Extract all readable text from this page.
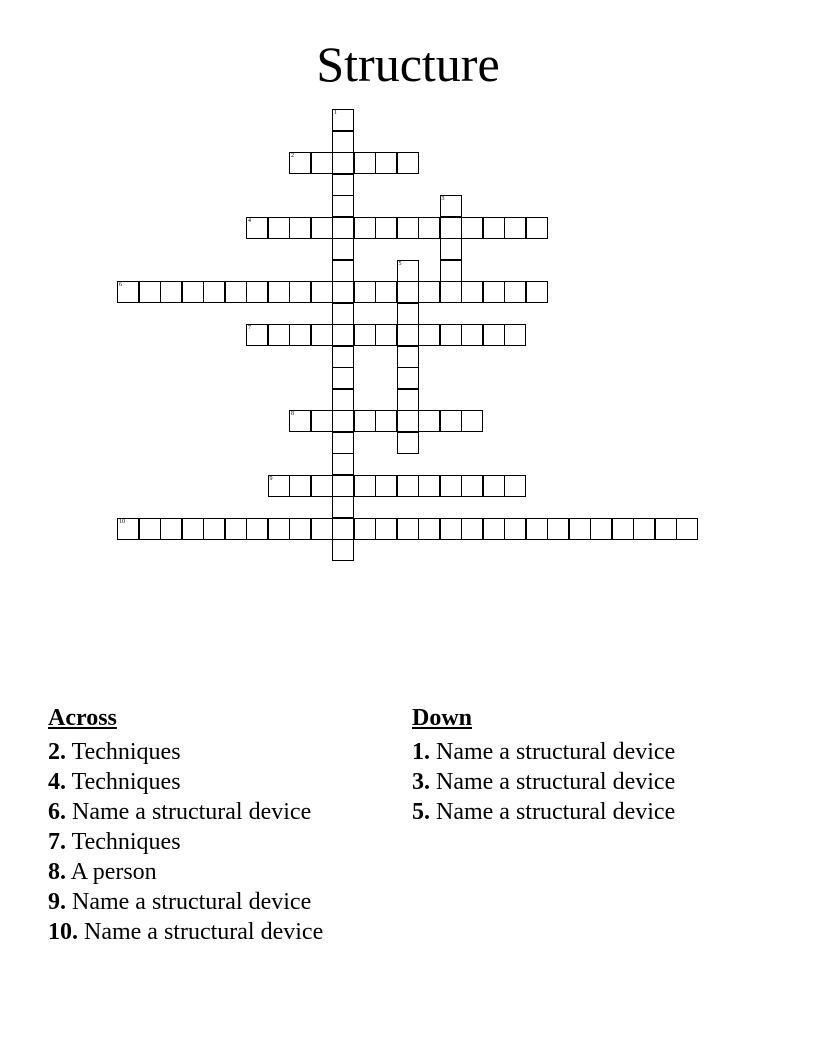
Structure
2
4
6
7
8
9
10
1
3
5
Across
2. Techniques
4. Techniques
6. Name a structural device
7. Techniques
8. A person
9. Name a structural device
10. Name a structural device
Down
1. Name a structural device
3. Name a structural device
5. Name a structural device
